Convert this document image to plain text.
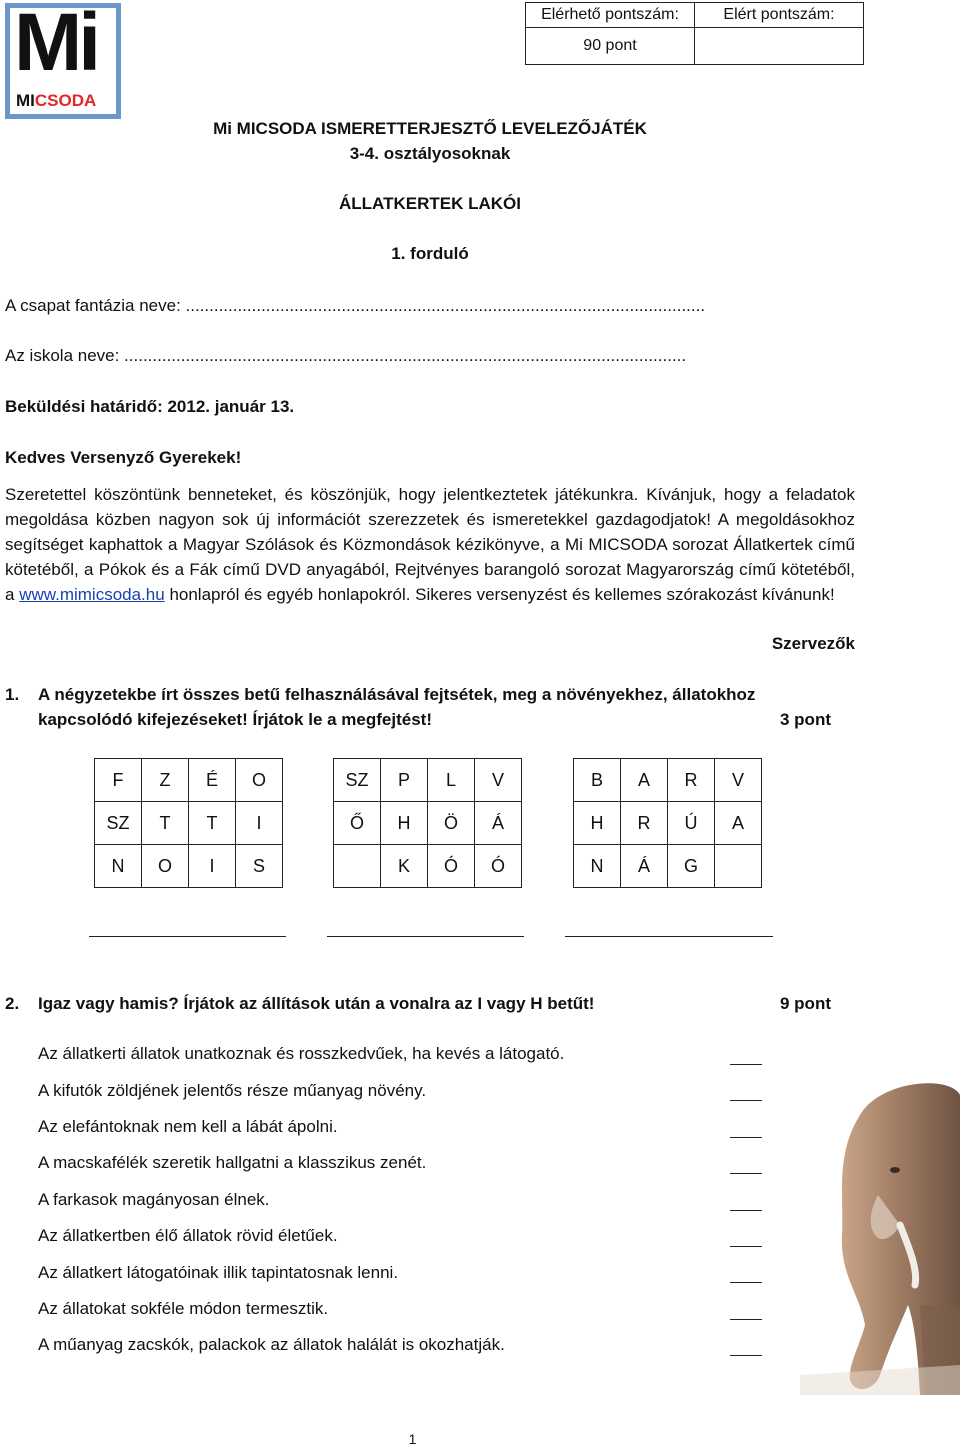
Mi
MICSODA
Elérhető pontszám:	Elért pontszám:
90 pont	
Mi MICSODA ISMERETTERJESZTŐ LEVELEZŐJÁTÉK
3-4. osztályosoknak
ÁLLATKERTEK LAKÓI
1. forduló
A csapat fantázia neve: ..............................................................................................................
Az iskola neve: .......................................................................................................................
Beküldési határidő: 2012. január 13.
Kedves Versenyző Gyerekek!
Szeretettel köszöntünk benneteket, és köszönjük, hogy jelentkeztetek játékunkra. Kívánjuk, hogy a feladatok megoldása közben nagyon sok új információt szerezzetek és ismeretekkel gazdagodjatok! A megoldásokhoz segítséget kaphattok a Magyar Szólások és Közmondások kézikönyve, a Mi MICSODA sorozat Állatkertek című kötetéből, a Pókok és a Fák című DVD anyagából, Rejtvényes barangoló sorozat Magyarország című kötetéből, a www.mimicsoda.hu honlapról és egyéb honlapokról. Sikeres versenyzést és kellemes szórakozást kívánunk!
Szervezők
1. A négyzetekbe írt összes betű felhasználásával fejtsétek, meg a növényekhez, állatokhoz
kapcsolódó kifejezéseket! Írjátok le a megfejtést!	3 pont
F	Z	É	O
SZ	T	T	I
N	O	I	S
SZ	P	L	V
Ő	H	Ö	Á
	K	Ó	Ó
B	A	R	V
H	R	Ú	A
N	Á	G	
2. Igaz vagy hamis? Írjátok az állítások után a vonalra az I vagy H betűt!	9 pont
Az állatkerti állatok unatkoznak és rosszkedvűek, ha kevés a látogató.
A kifutók zöldjének jelentős része műanyag növény.
Az elefántoknak nem kell a lábát ápolni.
A macskafélék szeretik hallgatni a klasszikus zenét.
A farkasok magányosan élnek.
Az állatkertben élő állatok rövid életűek.
Az állatkert látogatóinak illik tapintatosnak lenni.
Az állatokat sokféle módon termesztik.
A műanyag zacskók, palackok az állatok halálát is okozhatják.
1
